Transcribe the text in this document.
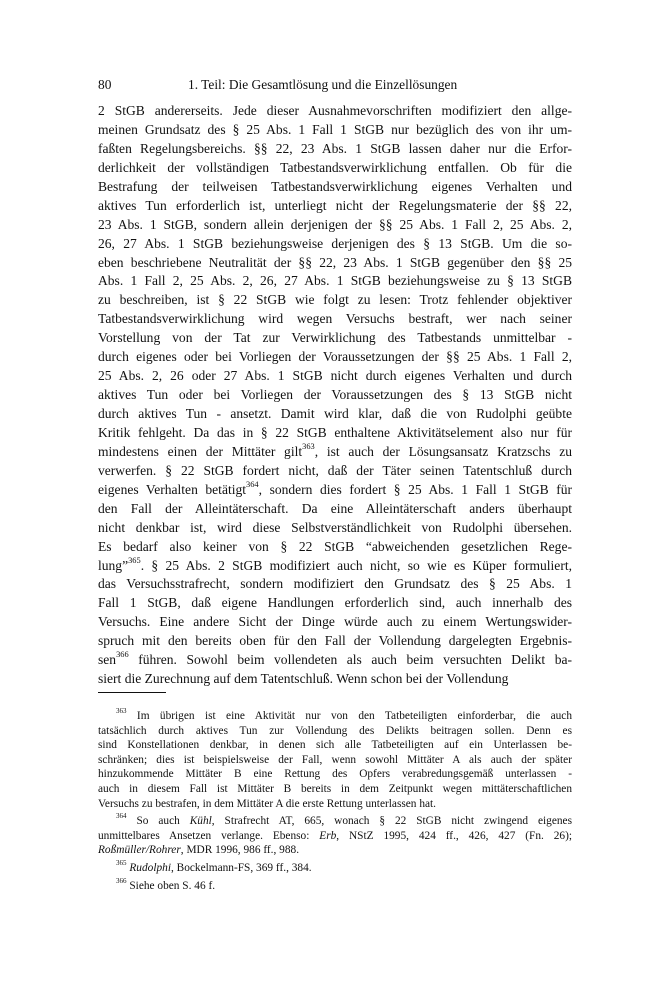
80	1. Teil: Die Gesamtlösung und die Einzellösungen
2 StGB andererseits. Jede dieser Ausnahmevorschriften modifiziert den allge-
meinen Grundsatz des § 25 Abs. 1 Fall 1 StGB nur bezüglich des von ihr um-
faßten Regelungsbereichs. §§ 22, 23 Abs. 1 StGB lassen daher nur die Erfor-
derlichkeit der vollständigen Tatbestandsverwirklichung entfallen. Ob für die
Bestrafung der teilweisen Tatbestandsverwirklichung eigenes Verhalten und
aktives Tun erforderlich ist, unterliegt nicht der Regelungsmaterie der §§ 22,
23 Abs. 1 StGB, sondern allein derjenigen der §§ 25 Abs. 1 Fall 2, 25 Abs. 2,
26, 27 Abs. 1 StGB beziehungsweise derjenigen des § 13 StGB. Um die so-
eben beschriebene Neutralität der §§ 22, 23 Abs. 1 StGB gegenüber den §§ 25
Abs. 1 Fall 2, 25 Abs. 2, 26, 27 Abs. 1 StGB beziehungsweise zu § 13 StGB
zu beschreiben, ist § 22 StGB wie folgt zu lesen: Trotz fehlender objektiver
Tatbestandsverwirklichung wird wegen Versuchs bestraft, wer nach seiner
Vorstellung von der Tat zur Verwirklichung des Tatbestands unmittelbar -
durch eigenes oder bei Vorliegen der Voraussetzungen der §§ 25 Abs. 1 Fall 2,
25 Abs. 2, 26 oder 27 Abs. 1 StGB nicht durch eigenes Verhalten und durch
aktives Tun oder bei Vorliegen der Voraussetzungen des § 13 StGB nicht
durch aktives Tun - ansetzt. Damit wird klar, daß die von Rudolphi geübte
Kritik fehlgeht. Da das in § 22 StGB enthaltene Aktivitätselement also nur für
mindestens einen der Mittäter gilt$^{363}$, ist auch der Lösungsansatz Kratzschs zu
verwerfen. § 22 StGB fordert nicht, daß der Täter seinen Tatentschluß durch
eigenes Verhalten betätigt$^{364}$, sondern dies fordert § 25 Abs. 1 Fall 1 StGB für
den Fall der Alleintäterschaft. Da eine Alleintäterschaft anders überhaupt
nicht denkbar ist, wird diese Selbstverständlichkeit von Rudolphi übersehen.
Es bedarf also keiner von § 22 StGB “abweichenden gesetzlichen Rege-
lung”$^{365}$. § 25 Abs. 2 StGB modifiziert auch nicht, so wie es Küper formuliert,
das Versuchsstrafrecht, sondern modifiziert den Grundsatz des § 25 Abs. 1
Fall 1 StGB, daß eigene Handlungen erforderlich sind, auch innerhalb des
Versuchs. Eine andere Sicht der Dinge würde auch zu einem Wertungswider-
spruch mit den bereits oben für den Fall der Vollendung dargelegten Ergebnis-
sen$^{366}$ führen. Sowohl beim vollendeten als auch beim versuchten Delikt ba-
siert die Zurechnung auf dem Tatentschluß. Wenn schon bei der Vollendung
$^{363}$ Im übrigen ist eine Aktivität nur von den Tatbeteiligten einforderbar, die auch
tatsächlich durch aktives Tun zur Vollendung des Delikts beitragen sollen. Denn es
sind Konstellationen denkbar, in denen sich alle Tatbeteiligten auf ein Unterlassen be-
schränken; dies ist beispielsweise der Fall, wenn sowohl Mittäter A als auch der später
hinzukommende Mittäter B eine Rettung des Opfers verabredungsgemäß unterlassen -
auch in diesem Fall ist Mittäter B bereits in dem Zeitpunkt wegen mittäterschaftlichen
Versuchs zu bestrafen, in dem Mittäter A die erste Rettung unterlassen hat.
$^{364}$ So auch Kühl, Strafrecht AT, 665, wonach § 22 StGB nicht zwingend eigenes
unmittelbares Ansetzen verlange. Ebenso: Erb, NStZ 1995, 424 ff., 426, 427 (Fn. 26);
Roßmüller/Rohrer, MDR 1996, 986 ff., 988.
$^{365}$ Rudolphi, Bockelmann-FS, 369 ff., 384.
$^{366}$ Siehe oben S. 46 f.
